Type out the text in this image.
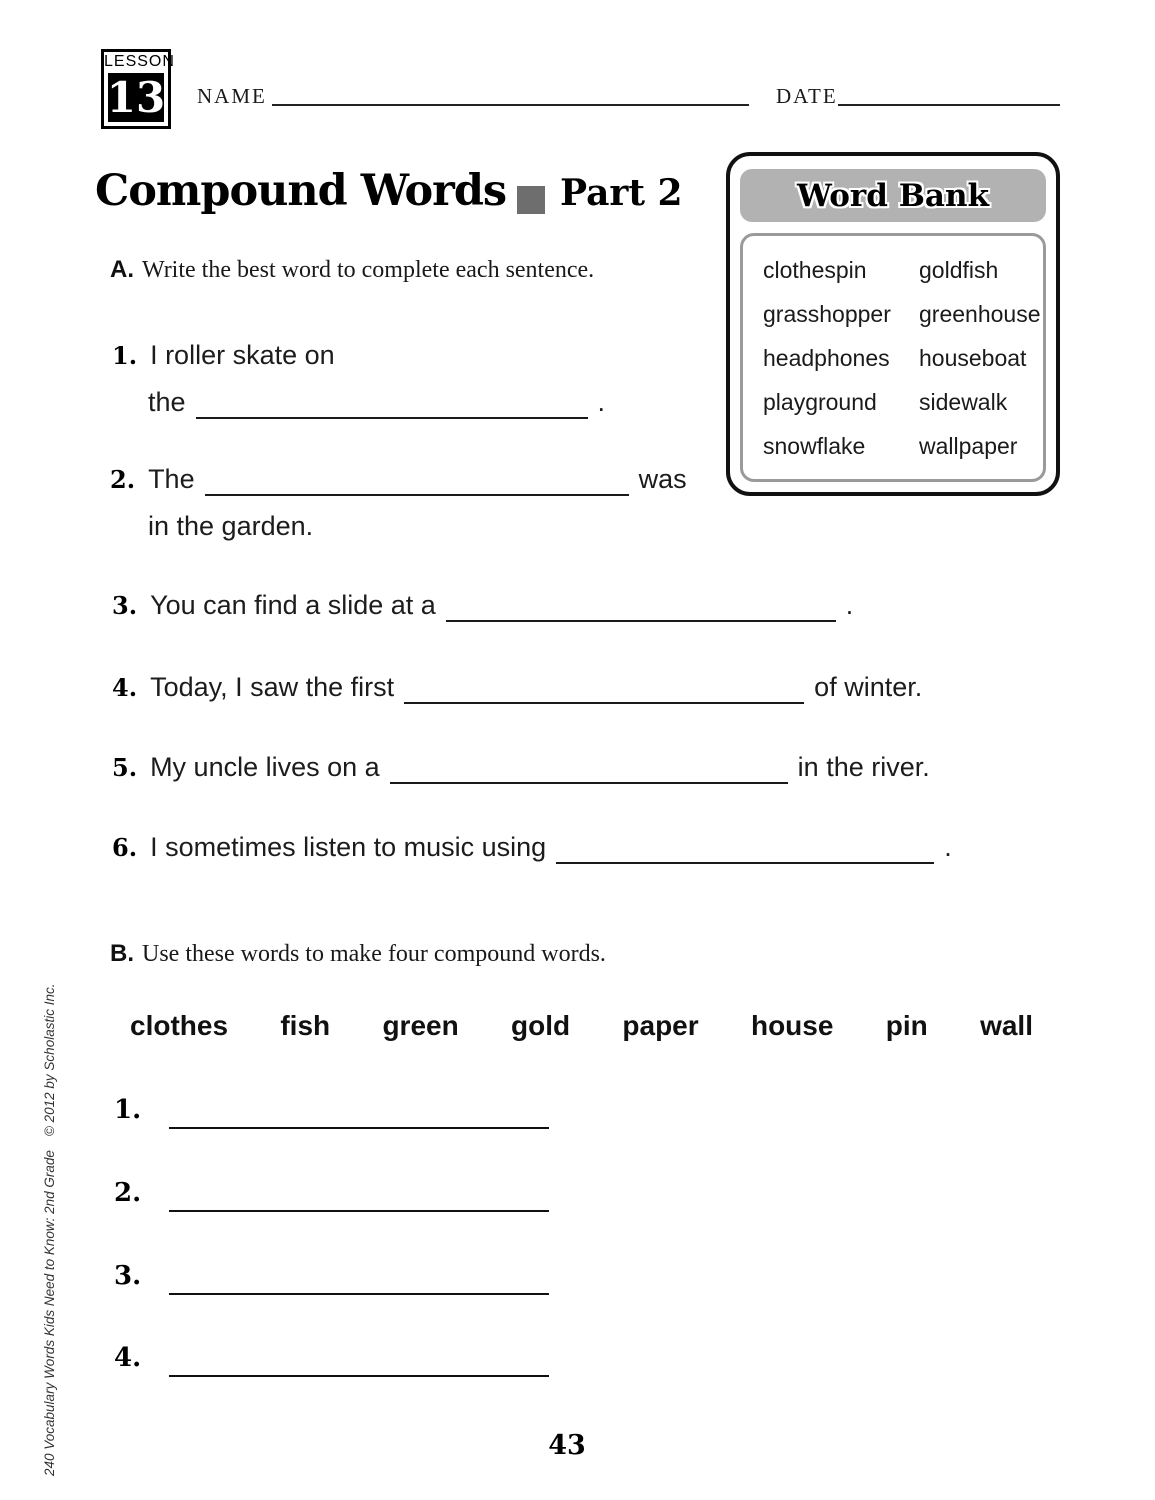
LESSON
13 NAME	DATE
Compound Words Part 2	Word Bank
clothespin	goldfish
grasshopper	greenhouse
headphones	houseboat
playground	sidewalk
snowflake	wallpaper
A. Write the best word to complete each sentence.
1. I roller skate on
the	.
2. The	was
in the garden.
3. You can find a slide at a	.
4. Today, I saw the first	of winter.
5. My uncle lives on a	in the river.
6. I sometimes listen to music using	.
B. Use these words to make four compound words.
clothes fish green gold paper house pin wall
1.
2.
3.
4.
43
240 Vocabulary Words Kids Need to Know: 2nd Grade© 2012 by Scholastic Inc.
